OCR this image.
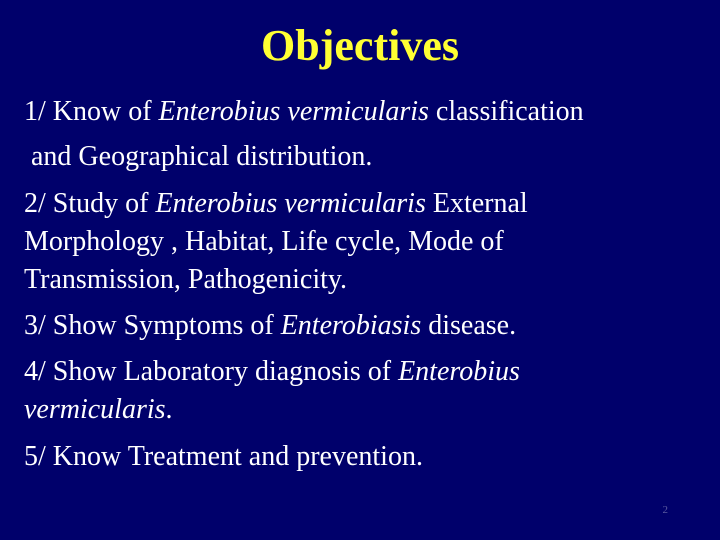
Objectives
1/ Know of Enterobius vermicularis classification
and Geographical distribution.
2/ Study of Enterobius vermicularis External
Morphology , Habitat, Life cycle, Mode of
Transmission, Pathogenicity.
3/ Show Symptoms of Enterobiasis disease.
4/ Show Laboratory diagnosis of Enterobius
vermicularis.
5/ Know Treatment and prevention.
2
